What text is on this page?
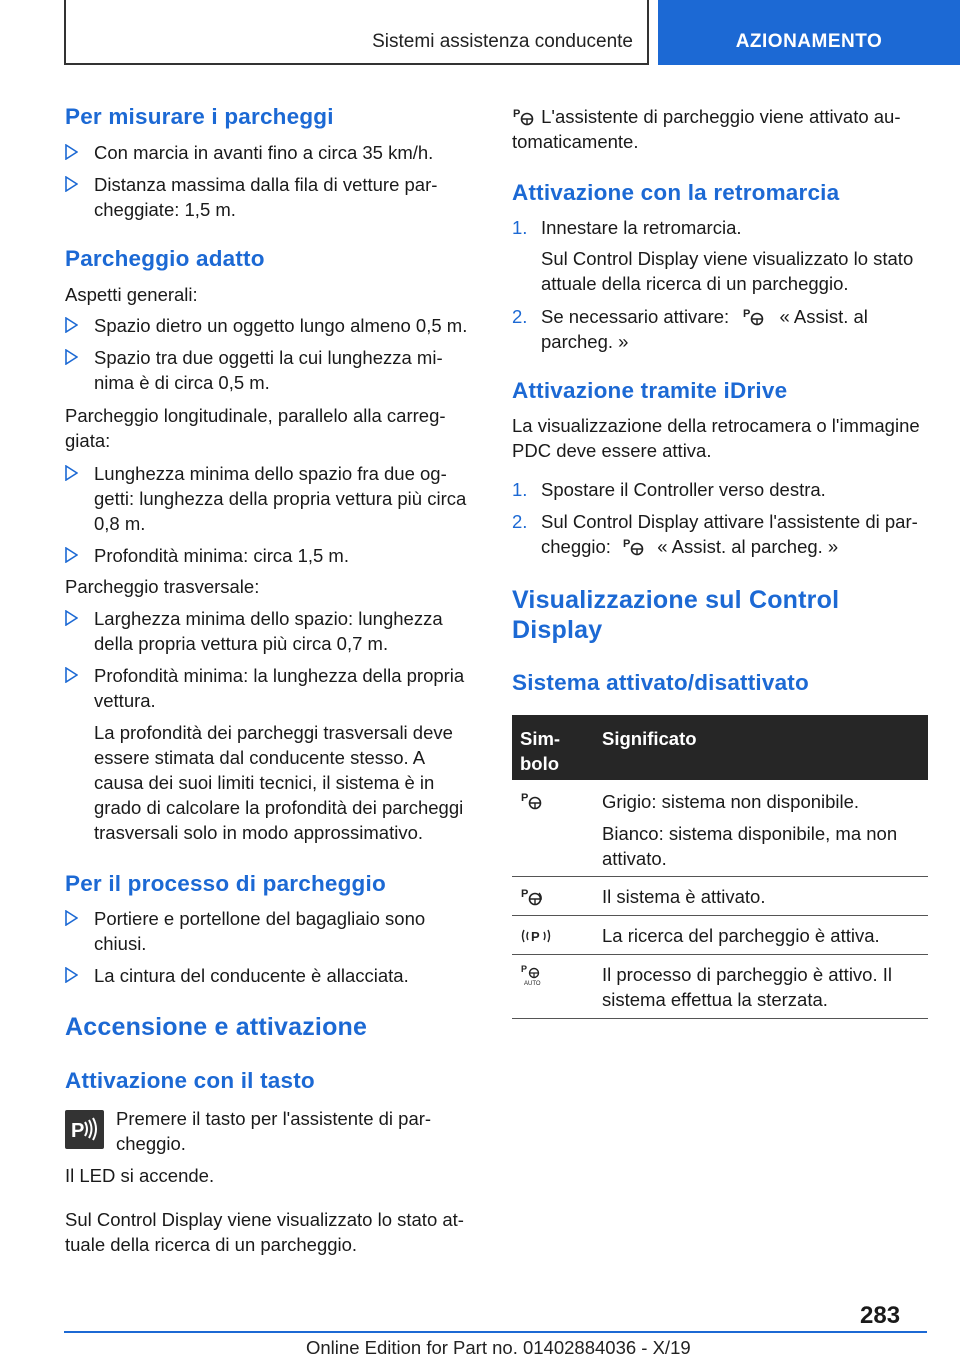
Sistemi assistenza conducente	AZIONAMENTO
Per misurare i parcheggi
Con marcia in avanti fino a circa 35 km/h.
Distanza massima dalla fila di vetture par-
cheggiate: 1,5 m.
Parcheggio adatto
Aspetti generali:
Spazio dietro un oggetto lungo almeno 0,5 m.
Spazio tra due oggetti la cui lunghezza mi-
nima è di circa 0,5 m.
Parcheggio longitudinale, parallelo alla carreg-
giata:
Lunghezza minima dello spazio fra due og-
getti: lunghezza della propria vettura più circa
0,8 m.
Profondità minima: circa 1,5 m.
Parcheggio trasversale:
Larghezza minima dello spazio: lunghezza
della propria vettura più circa 0,7 m.
Profondità minima: la lunghezza della propria
vettura.
La profondità dei parcheggi trasversali deve
essere stimata dal conducente stesso. A
causa dei suoi limiti tecnici, il sistema è in
grado di calcolare la profondità dei parcheggi
trasversali solo in modo approssimativo.
Per il processo di parcheggio
Portiere e portellone del bagagliaio sono
chiusi.
La cintura del conducente è allacciata.
Accensione e attivazione
Attivazione con il tasto
P
Premere il tasto per l'assistente di par-
cheggio.
Il LED si accende.
Sul Control Display viene visualizzato lo stato at-
tuale della ricerca di un parcheggio.
P L'assistente di parcheggio viene attivato au-
tomaticamente.
Attivazione con la retromarcia
1. Innestare la retromarcia.
Sul Control Display viene visualizzato lo stato
attuale della ricerca di un parcheggio.
2. Se necessario attivare: P « Assist. al
parcheg. »
Attivazione tramite iDrive
La visualizzazione della retrocamera o l'immagine
PDC deve essere attiva.
1. Spostare il Controller verso destra.
2. Sul Control Display attivare l'assistente di par-
cheggio: P « Assist. al parcheg. »
Visualizzazione sul Control
Display
Sistema attivato/disattivato
Sim-
bolo
Significato
P	Grigio: sistema non disponibile.
Bianco: sistema disponibile, ma non
attivato.
P	Il sistema è attivato.
P	La ricerca del parcheggio è attiva.
P
AUTO	Il processo di parcheggio è attivo. Il
sistema effettua la sterzata.
283
Online Edition for Part no. 01402884036 - X/19
